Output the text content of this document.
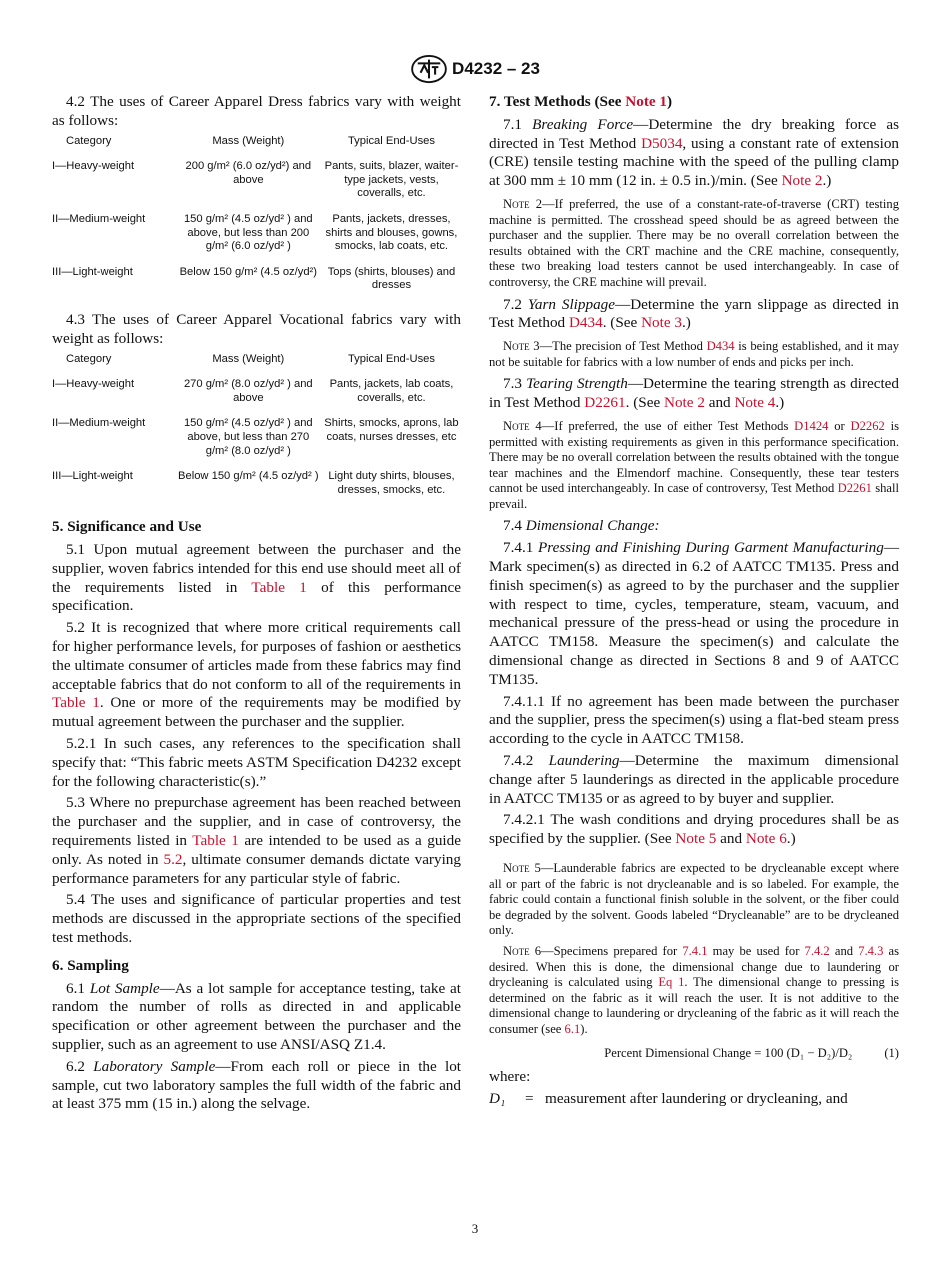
D4232 – 23

4.2 The uses of Career Apparel Dress fabrics vary with weight as follows:

Category	Mass (Weight)	Typical End-Uses
I—Heavy-weight	200 g/m² (6.0 oz/yd²) and above	Pants, suits, blazer, waiter-type jackets, vests, coveralls, etc.
II—Medium-weight	150 g/m² (4.5 oz/yd² ) and above, but less than 200 g/m² (6.0 oz/yd² )	Pants, jackets, dresses, shirts and blouses, gowns, smocks, lab coats, etc.
III—Light-weight	Below 150 g/m² (4.5 oz/yd²)	Tops (shirts, blouses) and dresses

4.3 The uses of Career Apparel Vocational fabrics vary with weight as follows:

Category	Mass (Weight)	Typical End-Uses
I—Heavy-weight	270 g/m² (8.0 oz/yd² ) and above	Pants, jackets, lab coats, coveralls, etc.
II—Medium-weight	150 g/m² (4.5 oz/yd² ) and above, but less than 270 g/m² (8.0 oz/yd² )	Shirts, smocks, aprons, lab coats, nurses dresses, etc
III—Light-weight	Below 150 g/m² (4.5 oz/yd² )	Light duty shirts, blouses, dresses, smocks, etc.
5. Significance and Use

5.1 Upon mutual agreement between the purchaser and the supplier, woven fabrics intended for this end use should meet all of the requirements listed in Table 1 of this performance specification.

5.2 It is recognized that where more critical requirements call for higher performance levels, for purposes of fashion or aesthetics the ultimate consumer of articles made from these fabrics may find acceptable fabrics that do not conform to all of the requirements in Table 1. One or more of the requirements may be modified by mutual agreement between the purchaser and the supplier.

5.2.1 In such cases, any references to the specification shall specify that: “This fabric meets ASTM Specification D4232 except for the following characteristic(s).”

5.3 Where no prepurchase agreement has been reached between the purchaser and the supplier, and in case of controversy, the requirements listed in Table 1 are intended to be used as a guide only. As noted in 5.2, ultimate consumer demands dictate varying performance parameters for any particular style of fabric.

5.4 The uses and significance of particular properties and test methods are discussed in the appropriate sections of the specified test methods.

6. Sampling

6.1 Lot Sample—As a lot sample for acceptance testing, take at random the number of rolls as directed in and applicable specification or other agreement between the purchaser and the supplier, such as an agreement to use ANSI/ASQ Z1.4.

6.2 Laboratory Sample—From each roll or piece in the lot sample, cut two laboratory samples the full width of the fabric and at least 375 mm (15 in.) along the selvage.

7. Test Methods (See Note 1)

7.1 Breaking Force—Determine the dry breaking force as directed in Test Method D5034, using a constant rate of extension (CRE) tensile testing machine with the speed of the pulling clamp at 300 mm ± 10 mm (12 in. ± 0.5 in.)/min. (See Note 2.)

Note 2—If preferred, the use of a constant-rate-of-traverse (CRT) testing machine is permitted. The crosshead speed should be as agreed between the purchaser and the supplier. There may be no overall correlation between the results obtained with the CRT machine and the CRE machine, consequently, these two breaking load testers cannot be used interchangeably. In case of controversy, the CRE machine will prevail.

7.2 Yarn Slippage—Determine the yarn slippage as directed in Test Method D434. (See Note 3.)

Note 3—The precision of Test Method D434 is being established, and it may not be suitable for fabrics with a low number of ends and picks per inch.

7.3 Tearing Strength—Determine the tearing strength as directed in Test Method D2261. (See Note 2 and Note 4.)

Note 4—If preferred, the use of either Test Methods D1424 or D2262 is permitted with existing requirements as given in this performance specification. There may be no overall correlation between the results obtained with the tongue tear machines and the Elmendorf machine. Consequently, these tear testers cannot be used interchangeably. In case of controversy, Test Method D2261 shall prevail.

7.4 Dimensional Change:

7.4.1 Pressing and Finishing During Garment Manufacturing—Mark specimen(s) as directed in 6.2 of AATCC TM135. Press and finish specimen(s) as agreed to by the purchaser and the supplier with respect to time, cycles, temperature, steam, vacuum, and mechanical pressure of the press-head or using the procedure in AATCC TM158. Measure the specimen(s) and calculate the dimensional change as directed in Sections 8 and 9 of AATCC TM135.

7.4.1.1 If no agreement has been made between the purchaser and the supplier, press the specimen(s) using a flat-bed steam press according to the cycle in AATCC TM158.

7.4.2 Laundering—Determine the maximum dimensional change after 5 launderings as directed in the applicable procedure in AATCC TM135 or as agreed to by buyer and supplier.

7.4.2.1 The wash conditions and drying procedures shall be as specified by the supplier. (See Note 5 and Note 6.)

Note 5—Launderable fabrics are expected to be drycleanable except where all or part of the fabric is not drycleanable and is so labeled. For example, the fabric could contain a functional finish soluble in the solvent, or the fiber could be degraded by the solvent. Goods labeled “Drycleanable” are to be drycleaned only.
Note 6—Specimens prepared for 7.4.1 may be used for 7.4.2 and 7.4.3 as desired. When this is done, the dimensional change due to laundering or drycleaning is calculated using Eq 1. The dimensional change to pressing is determined on the fabric as it will reach the user. It is not additive to the dimensional change to laundering or drycleaning of the fabric as it will reach the consumer (see 6.1).
Percent Dimensional Change = 100 (D₁ − D₂)/D₂	(1)

where:

D₁	= measurement after laundering or drycleaning, and
3
